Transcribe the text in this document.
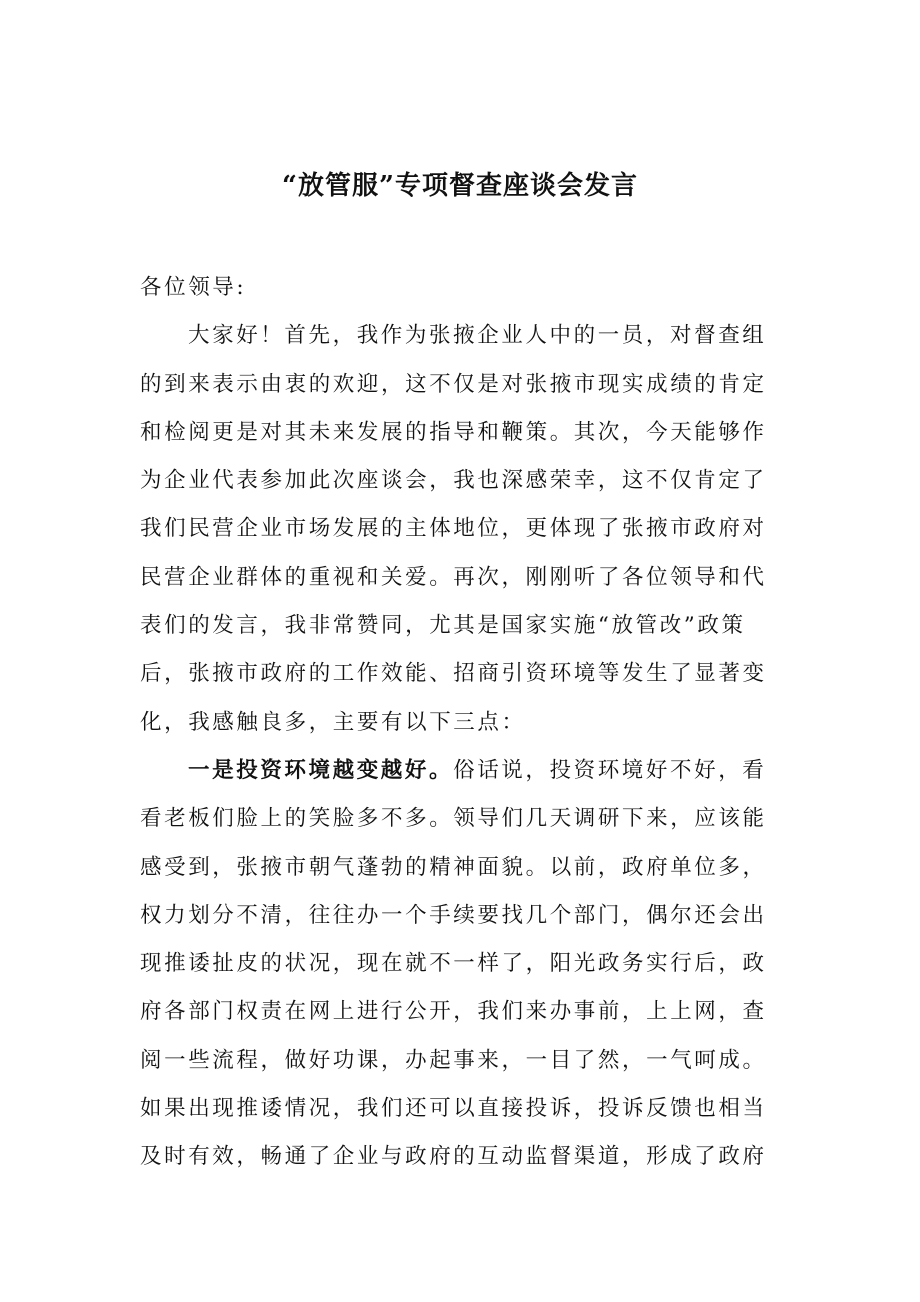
“放管服”专项督查座谈会发言
各位领导:
大家好！首先，我作为张掖企业人中的一员，对督查组
的到来表示由衷的欢迎，这不仅是对张掖市现实成绩的肯定
和检阅更是对其未来发展的指导和鞭策。其次，今天能够作
为企业代表参加此次座谈会，我也深感荣幸，这不仅肯定了
我们民营企业市场发展的主体地位，更体现了张掖市政府对
民营企业群体的重视和关爱。再次，刚刚听了各位领导和代
表们的发言，我非常赞同，尤其是国家实施“放管改”政策
后，张掖市政府的工作效能、招商引资环境等发生了显著变
化，我感触良多，主要有以下三点：
一是投资环境越变越好。俗话说，投资环境好不好，看
看老板们脸上的笑脸多不多。领导们几天调研下来，应该能
感受到，张掖市朝气蓬勃的精神面貌。以前，政府单位多，
权力划分不清，往往办一个手续要找几个部门，偶尔还会出
现推诿扯皮的状况，现在就不一样了，阳光政务实行后，政
府各部门权责在网上进行公开，我们来办事前，上上网，查
阅一些流程，做好功课，办起事来，一目了然，一气呵成。
如果出现推诿情况，我们还可以直接投诉，投诉反馈也相当
及时有效，畅通了企业与政府的互动监督渠道，形成了政府
